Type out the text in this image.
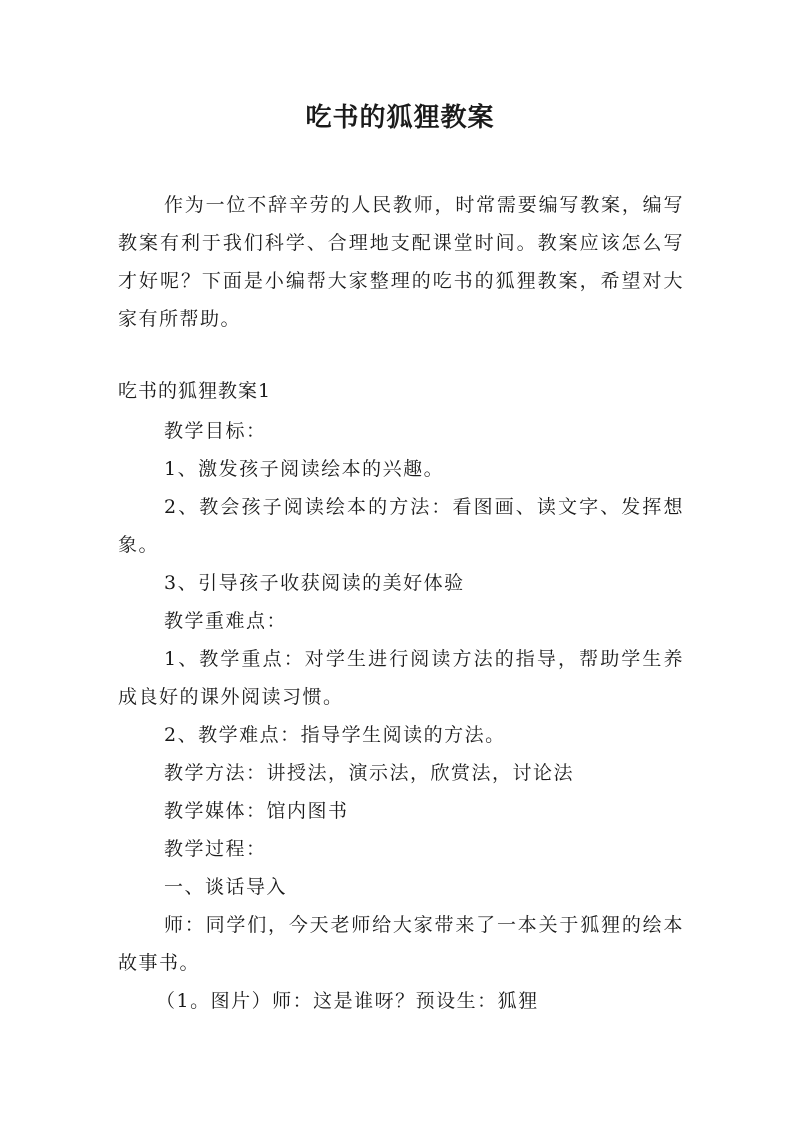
吃书的狐狸教案

作为一位不辞辛劳的人民教师，时常需要编写教案，编写教案有利于我们科学、合理地支配课堂时间。教案应该怎么写才好呢？下面是小编帮大家整理的吃书的狐狸教案，希望对大家有所帮助。

吃书的狐狸教案1

教学目标：

1、激发孩子阅读绘本的兴趣。

2、教会孩子阅读绘本的方法：看图画、读文字、发挥想象。

3、引导孩子收获阅读的美好体验

教学重难点：

1、教学重点：对学生进行阅读方法的指导，帮助学生养成良好的课外阅读习惯。

2、教学难点：指导学生阅读的方法。

教学方法：讲授法，演示法，欣赏法，讨论法

教学媒体：馆内图书

教学过程：

一、谈话导入

师：同学们，今天老师给大家带来了一本关于狐狸的绘本故事书。

（1。图片）师：这是谁呀？预设生：狐狸
